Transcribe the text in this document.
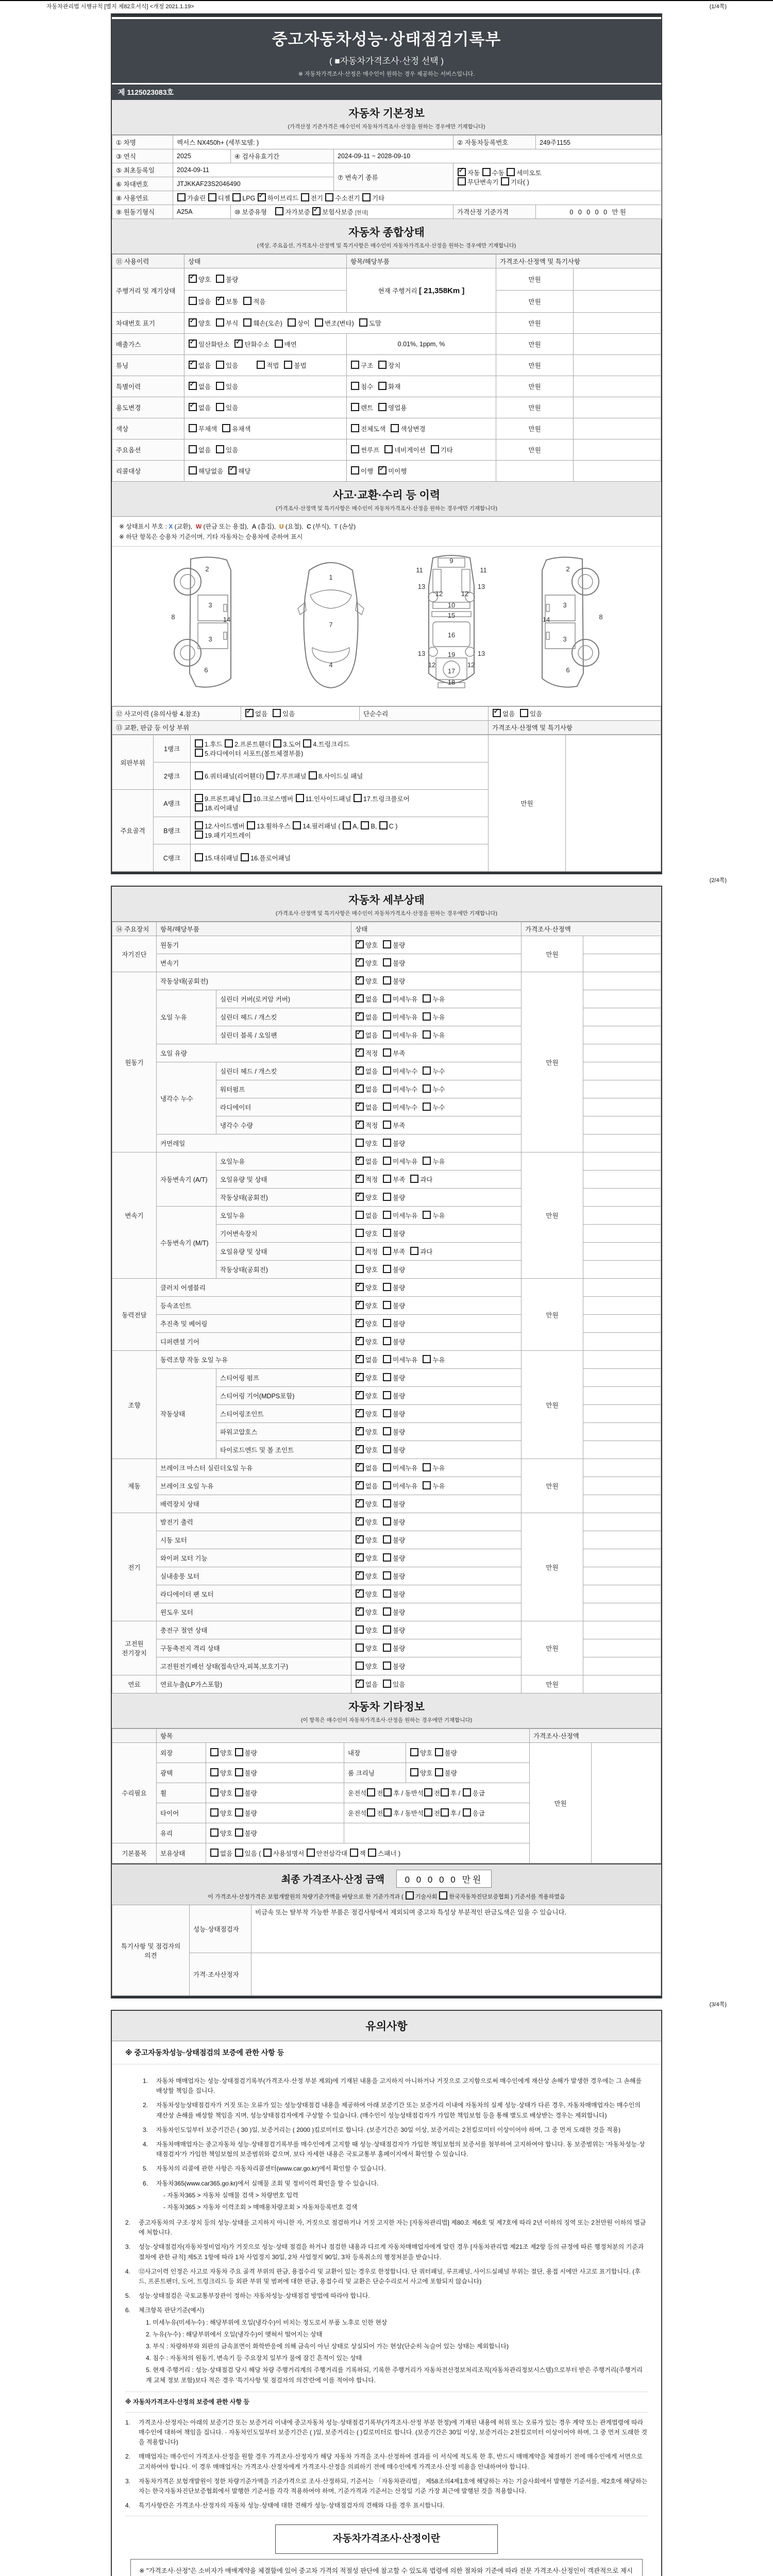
자동차관리법 시행규칙 [별지 제82호서식] <개정 2021.1.19>	(1/4쪽)
중고자동차성능·상태점검기록부
( ■자동차가격조사·산정 선택 )
※ 자동차가격조사·산정은 매수인이 원하는 경우 제공하는 서비스입니다.
제 1125023083호
자동차 기본정보
(가격산정 기준가격은 매수인이 자동차가격조사·산정을 원하는 경우에만 기재합니다)
① 차명	렉서스 NX450h+ (세부모델: )			② 자동차등록번호	249주1155
③ 연식	2025	④ 검사유효기간	2024-09-11 ~ 2028-09-10		
⑤ 최초등록일	2024-09-11		⑦ 변속기 종류	✓자동 수동 세미오토
무단변속기 기타( )
⑥ 차대번호	JTJKKAF23S2046490				
⑧ 사용연료	가솔린 디젤 LPG ✓하이브리드 전기 수소전기 기타
⑨ 원동기형식	A25A	⑩ 보증유형 자가보증 ✓보험사보증 [현대]		가격산정 기준가격	0 0 0 0 0 만원
자동차 종합상태
(색상, 주요옵션, 가격조사·산정액 및 특기사항은 매수인이 자동차가격조사·산정을 원하는 경우에만 기재합니다)
⑪ 사용이력	상태	항목/해당부품	가격조사·산정액 및 특기사항	
주행거리 및 계기상태	✓양호 불량	현재 주행거리 [ 21,358Km ]	만원	
	많음 ✓ 보통 적음		만원	
차대번호 표기	✓양호 부식 훼손(오손) 상이 변조(변타) 도말		만원	
배출가스	✓일산화탄소 ✓ 탄화수소 매연	0.01%, 1ppm, %	만원	
튜닝	✓없음 있음 적법 불법	구조 장치	만원	
특별이력	✓없음 있음	침수 화재	만원	
용도변경	✓없음 있음	렌트 영업용	만원	
색상	무채색 유채색	전체도색 색상변경	만원	
주요옵션	없음 있음	썬루프 네비게이션 기타	만원	
리콜대상	해당없음 ✓ 해당	이행 ✓ 미이행		
사고·교환·수리 등 이력
(가격조사·산정액 및 특기사항은 매수인이 자동차가격조사·산정을 원하는 경우에만 기재합니다)
※ 상태표시 부호 : X (교환),  W (판금 또는 용접),  A (흠집),  U (요철),  C (부식),  T (손상)
※ 하단 항목은 승용차 기준이며, 기타 자동차는 승용차에 준하여 표시
2
8
3
14
3
6
1
7
4
9
11	11
13	13
12	12
10
15
16
13	13
12	12
19
17
18
2
8
3
14
3
6
⑫ 사고이력 (유의사항 4.참조)	✓없음 있음	단순수리	✓없음 있음
⑬ 교환, 판금 등 이상 부위			가격조사·산정액 및 특기사항
외판부위	1랭크	1.후드 2.프론트휀더 3.도어 4.트렁크리드
5.라디에이터 서포트(볼트체결부품)	만원	
	2랭크	6.쿼터패널(리어휀더) 7.루프패널 8.사이드실 패널		
주요골격	A랭크	9.프론트패널 10.크로스멤버 11.인사이드패널 17.트렁크플로어
18.리어패널		
	B랭크	12.사이드멤버 13.휠하우스 14.필러패널 ( A, B, C )
19.패키지트레이		
	C랭크	15.대쉬패널 16.플로어패널		
(2/4쪽)
자동차 세부상태
(가격조사·산정액 및 특기사항은 매수인이 자동차가격조사·산정을 원하는 경우에만 기재합니다)
⑭ 주요장치	항목/해당부품		상태	가격조사·산정액	
자기진단	원동기	✓양호 불량	만원	
	변속기	✓양호 불량	
원동기	작동상태(공회전)	✓양호 불량	만원	
	오일 누유	실린더 커버(로커암 커버)	✓없음 미세누유 누유	
		실린더 헤드 / 개스킷	✓없음 미세누유 누유	
		실린더 블록 / 오일팬	✓없음 미세누유 누유	
	오일 유량	✓적정 부족	
	냉각수 누수	실린더 헤드 / 개스킷	✓없음 미세누수 누수	
		워터펌프	✓없음 미세누수 누수	
		라디에이터	✓없음 미세누수 누수	
		냉각수 수량	✓적정 부족	
	커먼레일		양호 불량		
변속기	자동변속기 (A/T)	오일누유	✓없음 미세누유 누유	만원	
		오일유량 및 상태	✓적정 부족 과다	
		작동상태(공회전)	✓양호 불량	
	수동변속기 (M/T)	오일누유	없음 미세누유 누유		
		기어변속장치	양호 불량		
		오일유량 및 상태	적정 부족 과다		
		작동상태(공회전)	양호 불량		
동력전달	클러치 어셈블리	✓양호 불량	만원	
	등속죠인트	✓양호 불량	
	추진축 및 베어링	✓양호 불량	
	디퍼렌셜 기어	✓양호 불량	
조향	동력조향 작동 오일 누유	✓없음 미세누유 누유	만원	
	작동상태	스티어링 펌프	✓양호 불량	
		스티어링 기어(MDPS포함)	✓양호 불량	
		스티어링조인트	✓양호 불량	
		파워고압호스	✓양호 불량	
		타이로드엔드 및 볼 조인트	✓양호 불량	
제동	브레이크 마스터 실린더오일 누유	✓없음 미세누유 누유	만원	
	브레이크 오일 누유	✓없음 미세누유 누유	
	배력장치 상태	✓양호 불량	
전기	발전기 출력	✓양호 불량	만원	
	시동 모터	✓양호 불량	
	와이퍼 모터 기능	✓양호 불량	
	실내송풍 모터	✓양호 불량	
	라디에이터 팬 모터	✓양호 불량	
	윈도우 모터	✓양호 불량	
고전원 전기장치	충전구 절연 상태		양호 불량	만원	
	구동축전지 격리 상태		양호 불량		
	고전원전기배선 상태(접속단자,피복,보호기구)		양호 불량		
연료	연료누출(LP가스포함)	✓없음 있음	만원	
자동차 기타정보
(이 항목은 매수인이 자동차가격조사·산정을 원하는 경우에만 기재합니다)
	항목				가격조사·산정액	
수리필요	외장	양호 불량	내장	양호 불량	만원	
	광택	양호 불량	룸 크리닝	양호 불량		
	휠	양호 불량	운전석 전 후 / 동반석 전 후 / 응급			
	타이어	양호 불량	운전석 전 후 / 동반석 전 후 / 응급			
	유리	양호 불량				
기본품목	보유상태	없음 있음 ( 사용설명서 안전삼각대 잭 스패너 )				
최종 가격조사·산정 금액 0 0 0 0 0 만원
이 가격조사·산정가격은 보험개발원의 차량기준가액을 바탕으로 한 기준가격과 ( 기술사회 한국자동차진단보증협회 ) 기준서를 적용하였음
특기사항 및 점검자의 의견	성능·상태점검자	비금속 또는 탈부착 가능한 부품은 점검사항에서 제외되며 중고차 특성상 부분적인 판금도색은 있을 수 있습니다.
	가격·조사산정자	
(3/4쪽)
유의사항
※ 중고자동차성능·상태점검의 보증에 관한 사항 등
1.	자동차 매매업자는 성능·상태점검기록부(가격조사·산정 부분 제외)에 기재된 내용을 고지하지 아니하거나 거짓으로 고지함으로써 매수인에게 재산상 손해가 발생한 경우에는 그 손해를 배상할 책임을 집니다.
2.	자동차성능상태점검자가 거짓 또는 오류가 있는 성능상태점검 내용을 제공하여 아래 보증기간 또는 보증거리 이내에 자동차의 실제 성능·상태가 다른 경우, 자동차매매업자는 매수인의 재산상 손해를 배상할 책임을 지며, 성능상태점검자에게 구상할 수 있습니다. (매수인이 성능상태점검자가 가입한 책임보험 등을 통해 별도로 배상받는 경우는 제외합니다)
3.	자동차인도일부터 보증기간은 ( 30 )일, 보증거리는 ( 2000 )킬로미터로 합니다. (보증기간은 30일 이상, 보증거리는 2천킬로미터 이상이어야 하며, 그 중 먼저 도래한 것을 적용)
4.	자동차매매업자는 중고자동차 성능·상태점검기록부를 매수인에게 고지할 때 성능·상태점검자가 가입한 책임보험의 보증서를 첨부하여 고지하여야 합니다. 동 보증범위는 '자동차성능·상태점검자'가 가입한 책임보험의 보증범위와 같으며, 보다 자세한 내용은 국토교통부 홈페이지에서 확인할 수 있습니다.
5.	자동차의 리콜에 관한 사항은 자동차리콜센터(www.car.go.kr)에서 확인할 수 있습니다.
6.	자동차365(www.car365.go.kr)에서 실매물 조회 및 정비이력 확인을 할 수 있습니다.
- 자동차365 > 자동차 실매물 검색 > 차량번호 입력
- 자동차365 > 자동차 이력조회 > 매매용차량조회 > 자동차등록번호 검색
2.	중고자동차의 구조·장치 등의 성능·상태를 고지하지 아니한 자, 거짓으로 점검하거나 거짓 고지한 자는 [자동차관리법] 제80조 제6호 및 제7호에 따라 2년 이하의 징역 또는 2천만원 이하의 벌금에 처합니다.
3.	성능·상태점검자(자동차정비업자)가 거짓으로 성능·상태 점검을 하거나 점검한 내용과 다르게 자동차매매업자에게 알린 경우 [자동차관리법 제21조 제2항 등의 규정에 따른 행정처분의 기준과 절차에 관한 규칙] 제5조 1항에 따라 1차 사업정지 30일, 2차 사업정지 90일, 3차 등록취소의 행정처분을 받습니다.
4.	⑫사고이력 인정은 사고로 자동차 주요 골격 부위의 판금, 용접수리 및 교환이 있는 경우로 한정합니다. 단 쿼터패널, 루프패널, 사이드실패널 부위는 절단, 용접 시에만 사고로 표기합니다. (후드, 프론트펜더, 도어, 트렁크리드 등 외판 부위 및 범퍼에 대한 판금, 용접수리 및 교환은 단순수리로서 사고에 포함되지 않습니다)
5.	성능·상태점검은 국토교통부장관이 정하는 자동차성능·상태점검 방법에 따라야 합니다.
6.	체크항목 판단기준(예시)
1. 미세누유(미세누수) : 해당부위에 오일(냉각수)이 비치는 정도로서 부품 노후로 인한 현상
2. 누유(누수) : 해당부위에서 오일(냉각수)이 맺혀서 떨어지는 상태
3. 부식 : 차량하부와 외판의 금속표면이 화학반응에 의해 금속이 아닌 상태로 상실되어 가는 현상(단순히 녹슬어 있는 상태는 제외합니다)
4. 침수 : 자동차의 원동기, 변속기 등 주요장치 일부가 물에 잠긴 흔적이 있는 상태
5. 현재 주행거리 : 성능·상태점검 당시 해당 차량 주행거리계의 주행거리를 기록하되, 기록한 주행거리가 자동차전산정보처리조직(자동차관리정보시스템)으로부터 받은 주행거리(주행거리계 교체 정보 포함)보다 적은 경우 '특기사항 및 점검자의 의견'란에 이를 적어야 합니다.
※ 자동차가격조사·산정의 보증에 관한 사항 등
1.	가격조사·산정자는 아래의 보증기간 또는 보증거리 이내에 중고자동차 성능·상태점검기록부(가격조사·산정 부분 한정)에 기재된 내용에 허위 또는 오류가 있는 경우 계약 또는 관계법령에 따라 매수인에 대하여 책임을 집니다. · 자동차인도일부터 보증기간은 ( )일, 보증거리는 ( )킬로미터로 합니다. (보증기간은 30일 이상, 보증거리는 2천킬로미터 이상이어야 하며, 그 중 먼저 도래한 것을 적용합니다)
2.	매매업자는 매수인이 가격조사·산정을 원할 경우 가격조사·산정자가 해당 자동차 가격을 조사·산정하여 결과를 이 서식에 적도록 한 후, 반드시 매매계약을 체결하기 전에 매수인에게 서면으로 고지하여야 합니다. 이 경우 매매업자는 가격조사·산정자에게 가격조사·산정을 의뢰하기 전에 매수인에게 가격조사·산정 비용을 안내하여야 합니다.
3.	자동차가격은 보험개발원이 정한 차량기준가액을 기준가격으로 조사·산정하되, 기준서는 「자동차관리법」 제58조의4제1호에 해당하는 자는 기술사회에서 발행한 기준서를, 제2호에 해당하는 자는 한국자동차진단보증협회에서 발행한 기준서를 각각 적용하여야 하며, 기준가격과 기준서는 산정일 기준 가장 최근에 발행된 것을 적용합니다.
4.	특기사항란은 가격조사·산정자의 자동차 성능·상태에 대한 견해가 성능·상태점검자의 견해와 다를 경우 표시합니다.
자동차가격조사·산정이란
※ "가격조사·산정"은 소비자가 매매계약을 체결함에 있어 중고차 가격의 적절성 판단에 참고할 수 있도록 법령에 의한 절차와 기준에 따라 전문 가격조사·산정인이 객관적으로 제시
